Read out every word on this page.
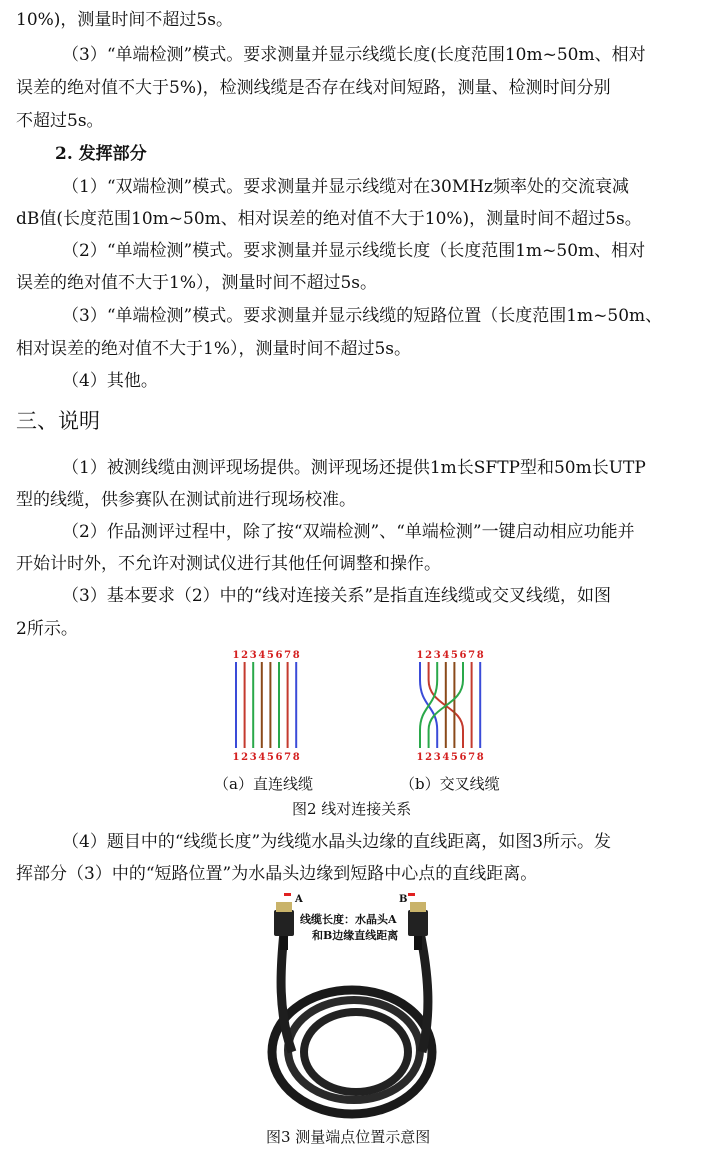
10%)，测量时间不超过5s。
（3）“单端检测”模式。要求测量并显示线缆长度(长度范围10m~50m、相对
误差的绝对值不大于5%)，检测线缆是否存在线对间短路，测量、检测时间分别
不超过5s。
（1）“双端检测”模式。要求测量并显示线缆对在30MHz频率处的交流衰减
dB值(长度范围10m~50m、相对误差的绝对值不大于10%)，测量时间不超过5s。
（2）“单端检测”模式。要求测量并显示线缆长度（长度范围1m~50m、相对
误差的绝对值不大于1%），测量时间不超过5s。
（3）“单端检测”模式。要求测量并显示线缆的短路位置（长度范围1m~50m、
相对误差的绝对值不大于1%），测量时间不超过5s。
（4）其他。
（1）被测线缆由测评现场提供。测评现场还提供1m长SFTP型和50m长UTP
型的线缆，供参赛队在测试前进行现场校准。
（2）作品测评过程中，除了按“双端检测”、“单端检测”一键启动相应功能并
开始计时外，不允许对测试仪进行其他任何调整和操作。
（3）基本要求（2）中的“线对连接关系”是指直连线缆或交叉线缆，如图
2所示。
（4）题目中的“线缆长度”为线缆水晶头边缘的直线距离，如图3所示。发
挥部分（3）中的“短路位置”为水晶头边缘到短路中心点的直线距离。
2. 发挥部分
三、说明
1 2 3 4 5 6 7 8
1 2 3 4 5 6 7 8
1 2 3 4 5 6 7 8
1 2 3 4 5 6 7 8
（a）直连线缆	（b）交叉线缆
图2 线对连接关系
A	B
线缆长度：水晶头A
和B边缘直线距离
图3 测量端点位置示意图
